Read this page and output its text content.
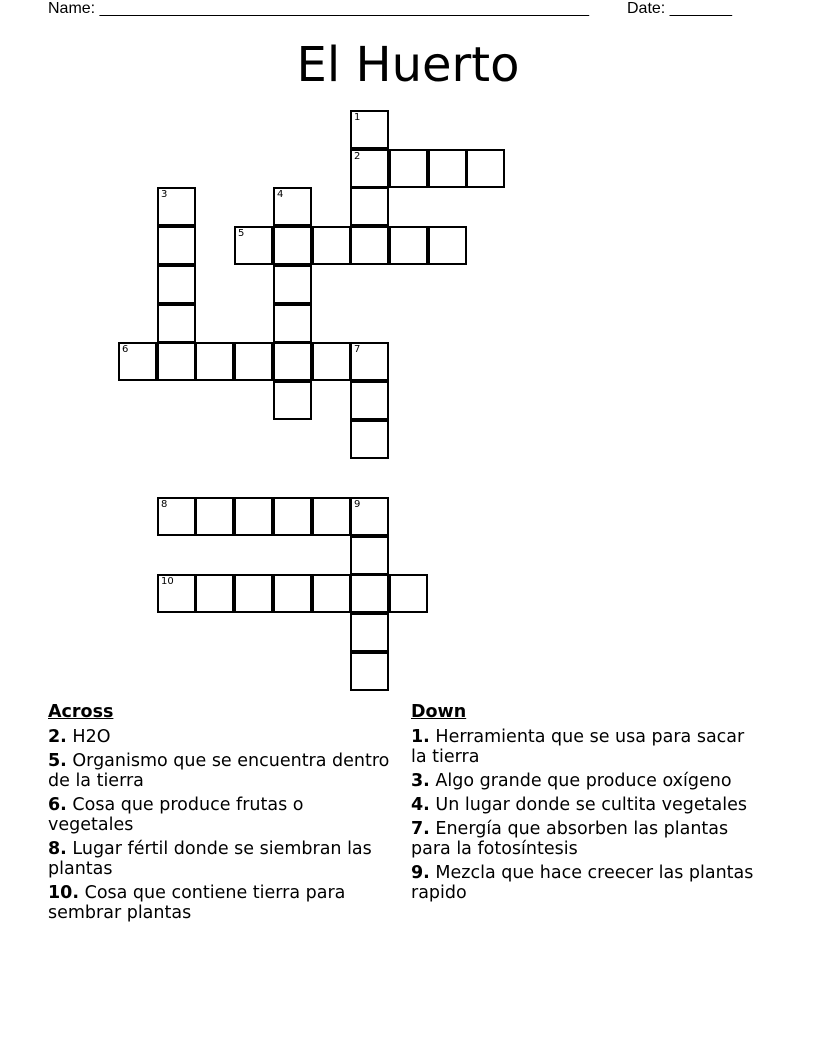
Name: _______________________________________________________ Date: _______
El Huerto
1
2
3	4
5
6	7
8	9
10
Across
2. H2O
5. Organismo que se encuentra dentro de la tierra
6. Cosa que produce frutas o vegetales
8. Lugar fértil donde se siembran las plantas
10. Cosa que contiene tierra para sembrar plantas
Down
1. Herramienta que se usa para sacar la tierra
3. Algo grande que produce oxígeno
4. Un lugar donde se cultita vegetales
7. Energía que absorben las plantas para la fotosíntesis
9. Mezcla que hace creecer las plantas rapido
